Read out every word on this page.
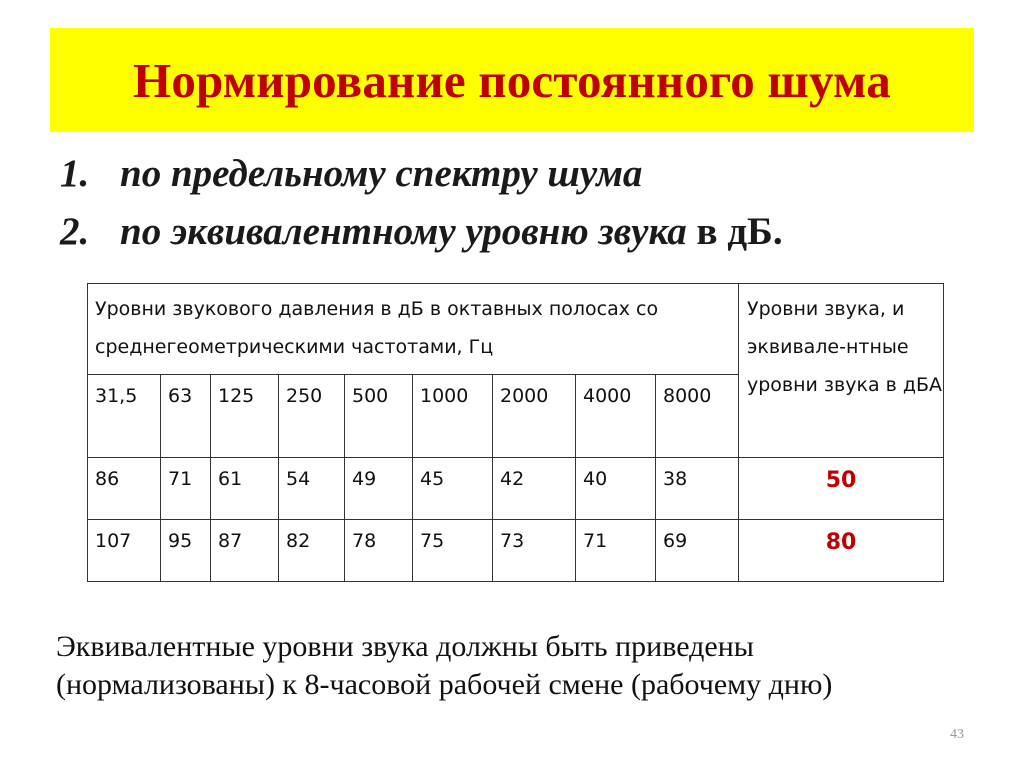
Нормирование постоянного шума
1. по предельному спектру шума
2. по эквивалентному уровню звука в дБ.
Уровни звукового давления в дБ в октавных полосах со среднегеометрическими частотами, Гц									Уровни звука, и эквивале-нтные уровни звука в дБА
31,5	63	125	250	500	1000	2000	4000	8000	
86	71	61	54	49	45	42	40	38	50
107	95	87	82	78	75	73	71	69	80
Эквивалентные уровни звука должны быть приведены (нормализованы) к 8-часовой рабочей смене (рабочему дню)
43
